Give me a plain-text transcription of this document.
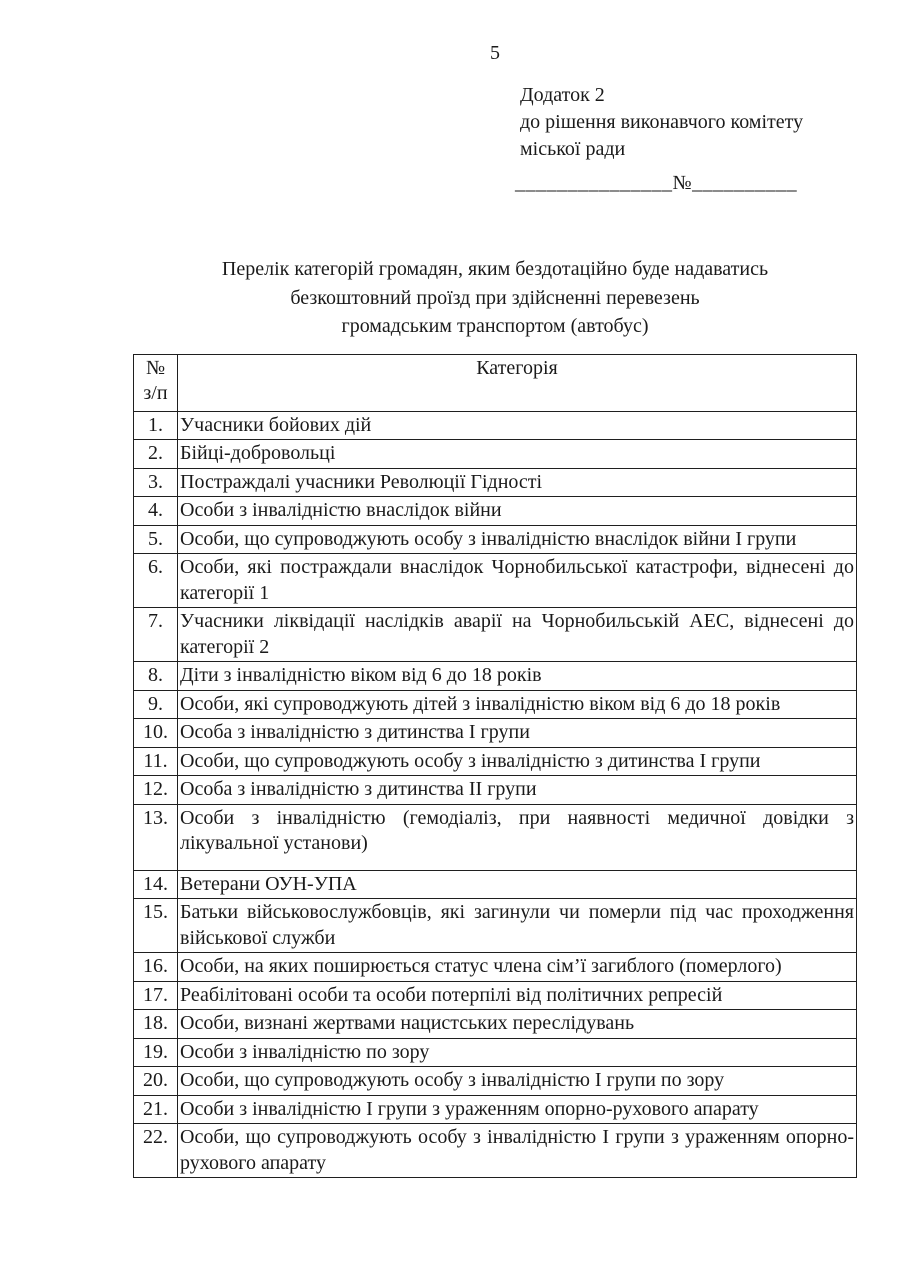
5
Додаток 2
до рішення виконавчого комітету
міської ради
_______________№__________
Перелік категорій громадян, яким бездотаційно буде надаватись
безкоштовний проїзд при здійсненні перевезень
громадським транспортом (автобус)
№
з/п	Категорія
1.	Учасники бойових дій
2.	Бійці-добровольці
3.	Постраждалі учасники Революції Гідності
4.	Особи з інвалідністю внаслідок війни
5.	Особи, що супроводжують особу з інвалідністю внаслідок війни І групи
6.	Особи, які постраждали внаслідок Чорнобильської катастрофи, віднесені до категорії 1
7.	Учасники ліквідації наслідків аварії на Чорнобильській АЕС, віднесені до категорії 2
8.	Діти з інвалідністю віком від 6 до 18 років
9.	Особи, які супроводжують дітей з інвалідністю віком від 6 до 18 років
10.	Особа з інвалідністю з дитинства І групи
11.	Особи, що супроводжують особу з інвалідністю з дитинства І групи
12.	Особа з інвалідністю з дитинства ІІ групи
13.	Особи з інвалідністю (гемодіаліз, при наявності медичної довідки з лікувальної установи)
14.	Ветерани ОУН-УПА
15.	Батьки військовослужбовців, які загинули чи померли під час проходження військової служби
16.	Особи, на яких поширюється статус члена сім’ї загиблого (померлого)
17.	Реабілітовані особи та особи потерпілі від політичних репресій
18.	Особи, визнані жертвами нацистських переслідувань
19.	Особи з інвалідністю по зору
20.	Особи, що супроводжують особу з інвалідністю І групи по зору
21.	Особи з інвалідністю І групи з ураженням опорно-рухового апарату
22.	Особи, що супроводжують особу з інвалідністю І групи з ураженням опорно-рухового апарату
